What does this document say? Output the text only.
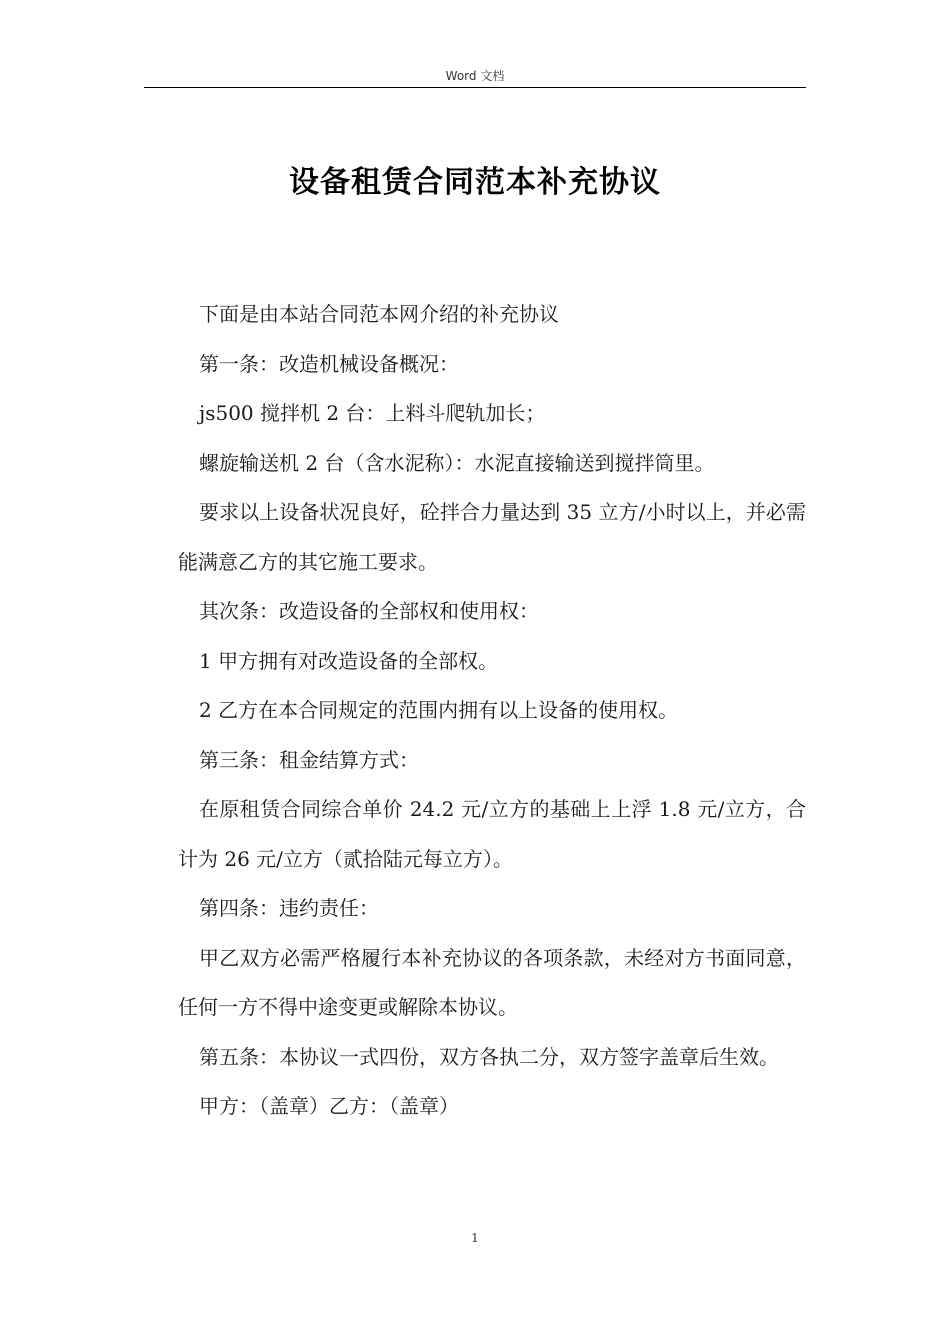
Word 文档
设备租赁合同范本补充协议

下面是由本站合同范本网介绍的补充协议

第一条：改造机械设备概况：

js500 搅拌机 2 台：上料斗爬轨加长；

螺旋输送机 2 台（含水泥称）：水泥直接输送到搅拌筒里。

要求以上设备状况良好，砼拌合力量达到 35 立方/小时以上，并必需能满意乙方的其它施工要求。

其次条：改造设备的全部权和使用权：

1 甲方拥有对改造设备的全部权。

2 乙方在本合同规定的范围内拥有以上设备的使用权。

第三条：租金结算方式：

在原租赁合同综合单价 24.2 元/立方的基础上上浮 1.8 元/立方，合计为 26 元/立方（贰拾陆元每立方）。

第四条：违约责任：

甲乙双方必需严格履行本补充协议的各项条款，未经对方书面同意，任何一方不得中途变更或解除本协议。

第五条：本协议一式四份，双方各执二分，双方签字盖章后生效。

甲方：（盖章）乙方：（盖章）

1
